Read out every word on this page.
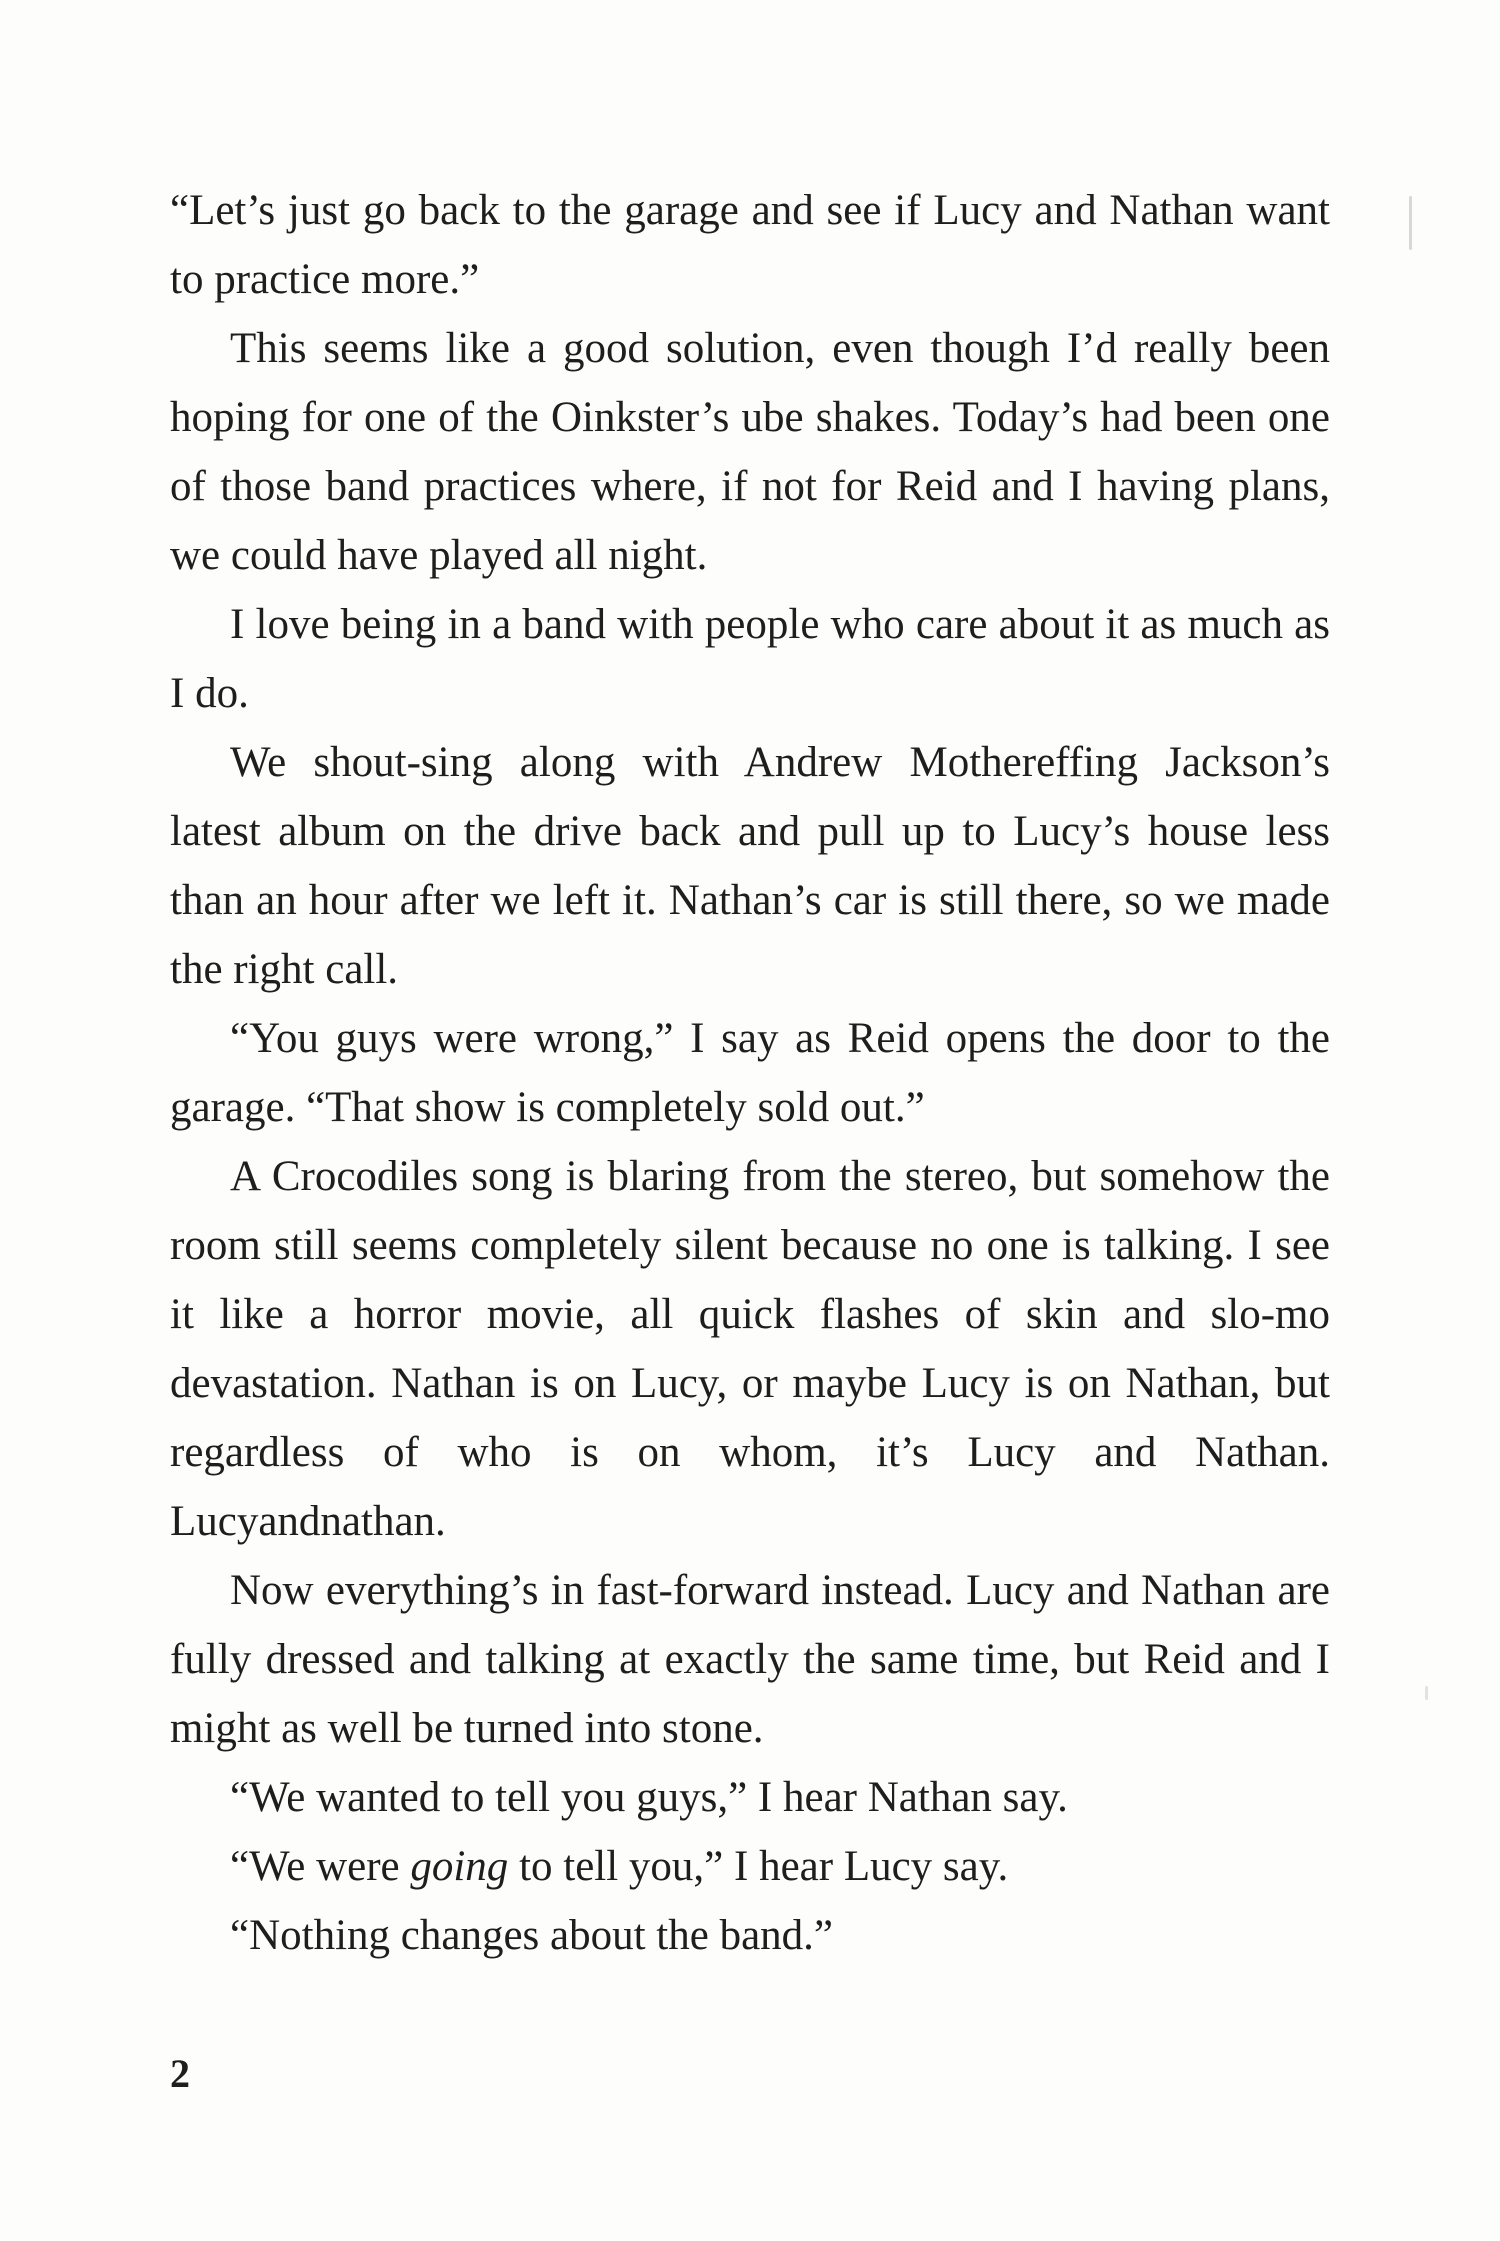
“Let’s just go back to the garage and see if Lucy and Nathan want to practice more.”

This seems like a good solution, even though I’d really been hoping for one of the Oinkster’s ube shakes. Today’s had been one of those band practices where, if not for Reid and I having plans, we could have played all night.

I love being in a band with people who care about it as much as I do.

We shout-sing along with Andrew Mothereffing Jackson’s latest album on the drive back and pull up to Lucy’s house less than an hour after we left it. Nathan’s car is still there, so we made the right call.

“You guys were wrong,” I say as Reid opens the door to the garage. “That show is completely sold out.”

A Crocodiles song is blaring from the stereo, but somehow the room still seems completely silent because no one is talking. I see it like a horror movie, all quick flashes of skin and slo-mo devastation. Nathan is on Lucy, or maybe Lucy is on Nathan, but regardless of who is on whom, it’s Lucy and Nathan. Lucyandnathan.

Now everything’s in fast-forward instead. Lucy and Nathan are fully dressed and talking at exactly the same time, but Reid and I might as well be turned into stone.

“We wanted to tell you guys,” I hear Nathan say.

“We were going to tell you,” I hear Lucy say.

“Nothing changes about the band.”

2
